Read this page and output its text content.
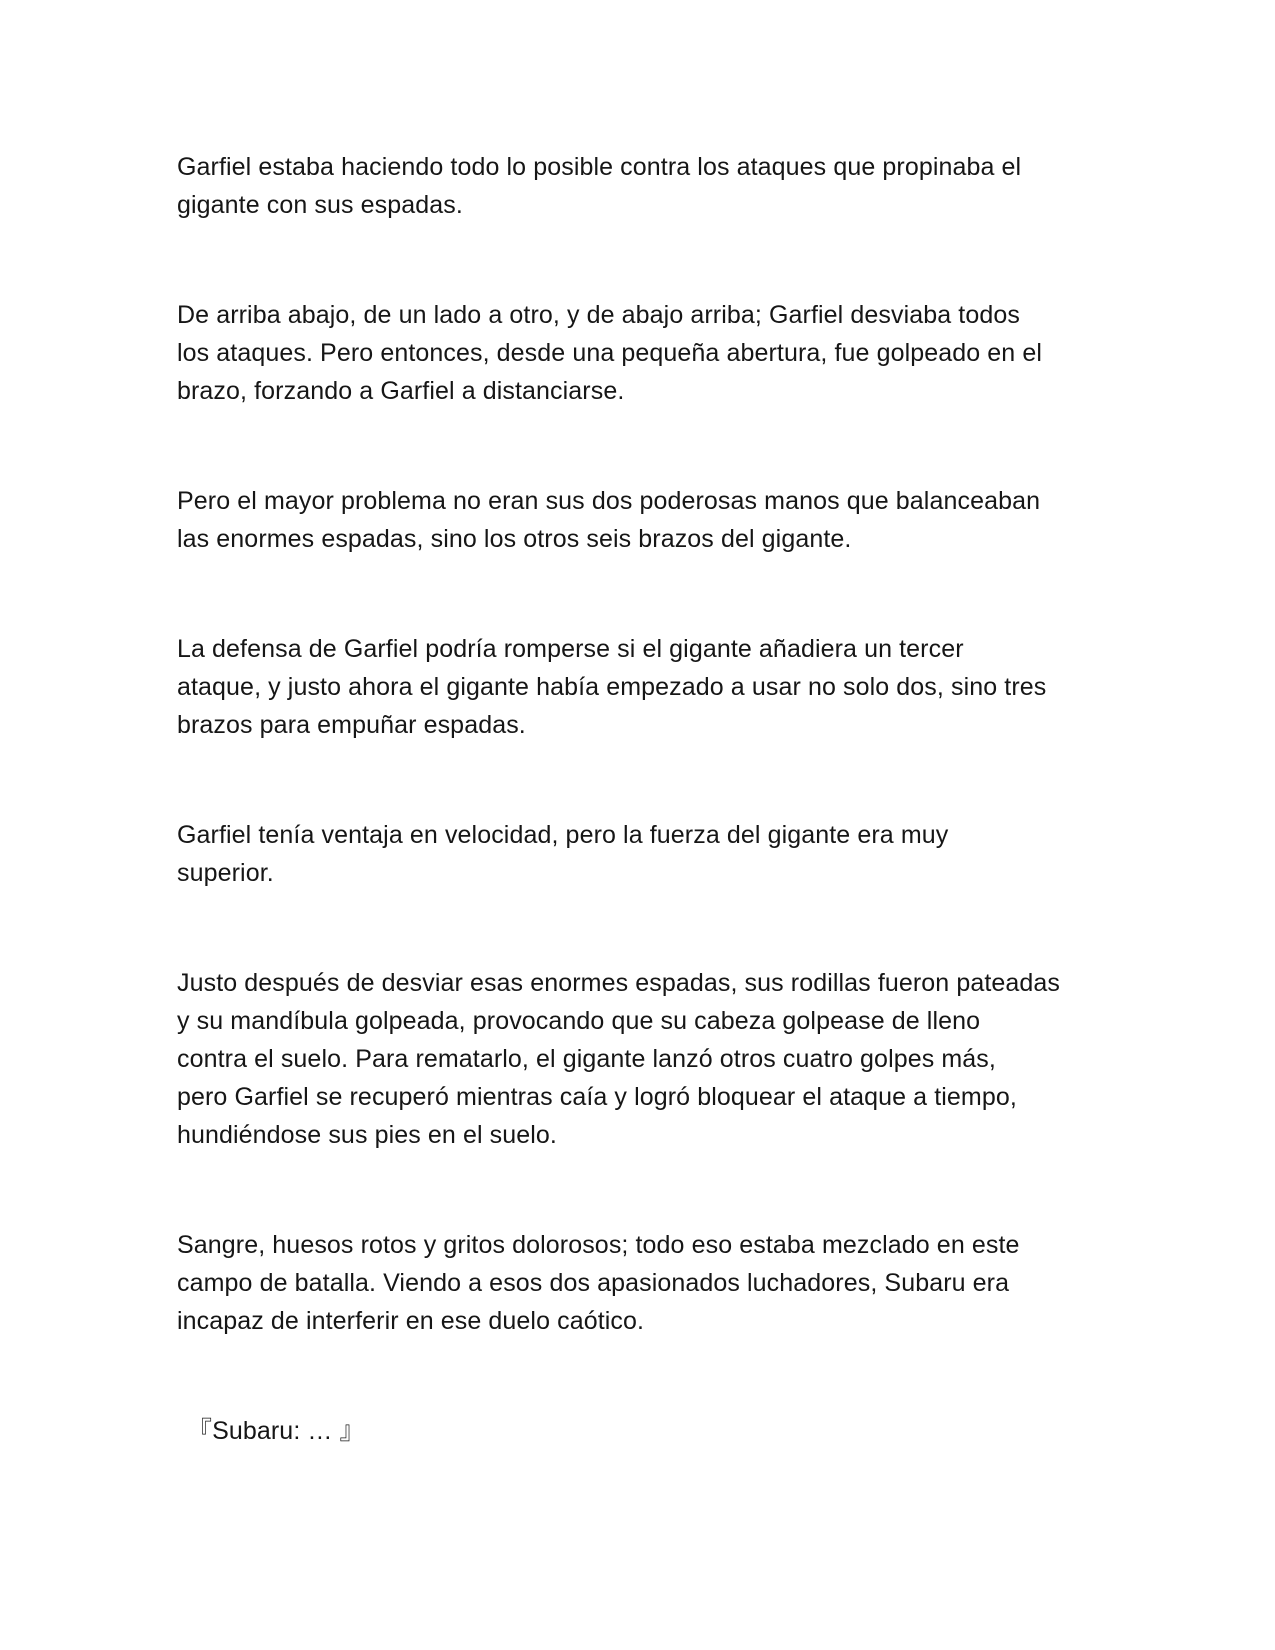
Garfiel estaba haciendo todo lo posible contra los ataques que propinaba el
gigante con sus espadas.

De arriba abajo, de un lado a otro, y de abajo arriba; Garfiel desviaba todos
los ataques. Pero entonces, desde una pequeña abertura, fue golpeado en el
brazo, forzando a Garfiel a distanciarse.

Pero el mayor problema no eran sus dos poderosas manos que balanceaban
las enormes espadas, sino los otros seis brazos del gigante.

La defensa de Garfiel podría romperse si el gigante añadiera un tercer
ataque, y justo ahora el gigante había empezado a usar no solo dos, sino tres
brazos para empuñar espadas.

Garfiel tenía ventaja en velocidad, pero la fuerza del gigante era muy
superior.

Justo después de desviar esas enormes espadas, sus rodillas fueron pateadas
y su mandíbula golpeada, provocando que su cabeza golpease de lleno
contra el suelo. Para rematarlo, el gigante lanzó otros cuatro golpes más,
pero Garfiel se recuperó mientras caía y logró bloquear el ataque a tiempo,
hundiéndose sus pies en el suelo.

Sangre, huesos rotos y gritos dolorosos; todo eso estaba mezclado en este
campo de batalla. Viendo a esos dos apasionados luchadores, Subaru era
incapaz de interferir en ese duelo caótico.

『Subaru: … 』
